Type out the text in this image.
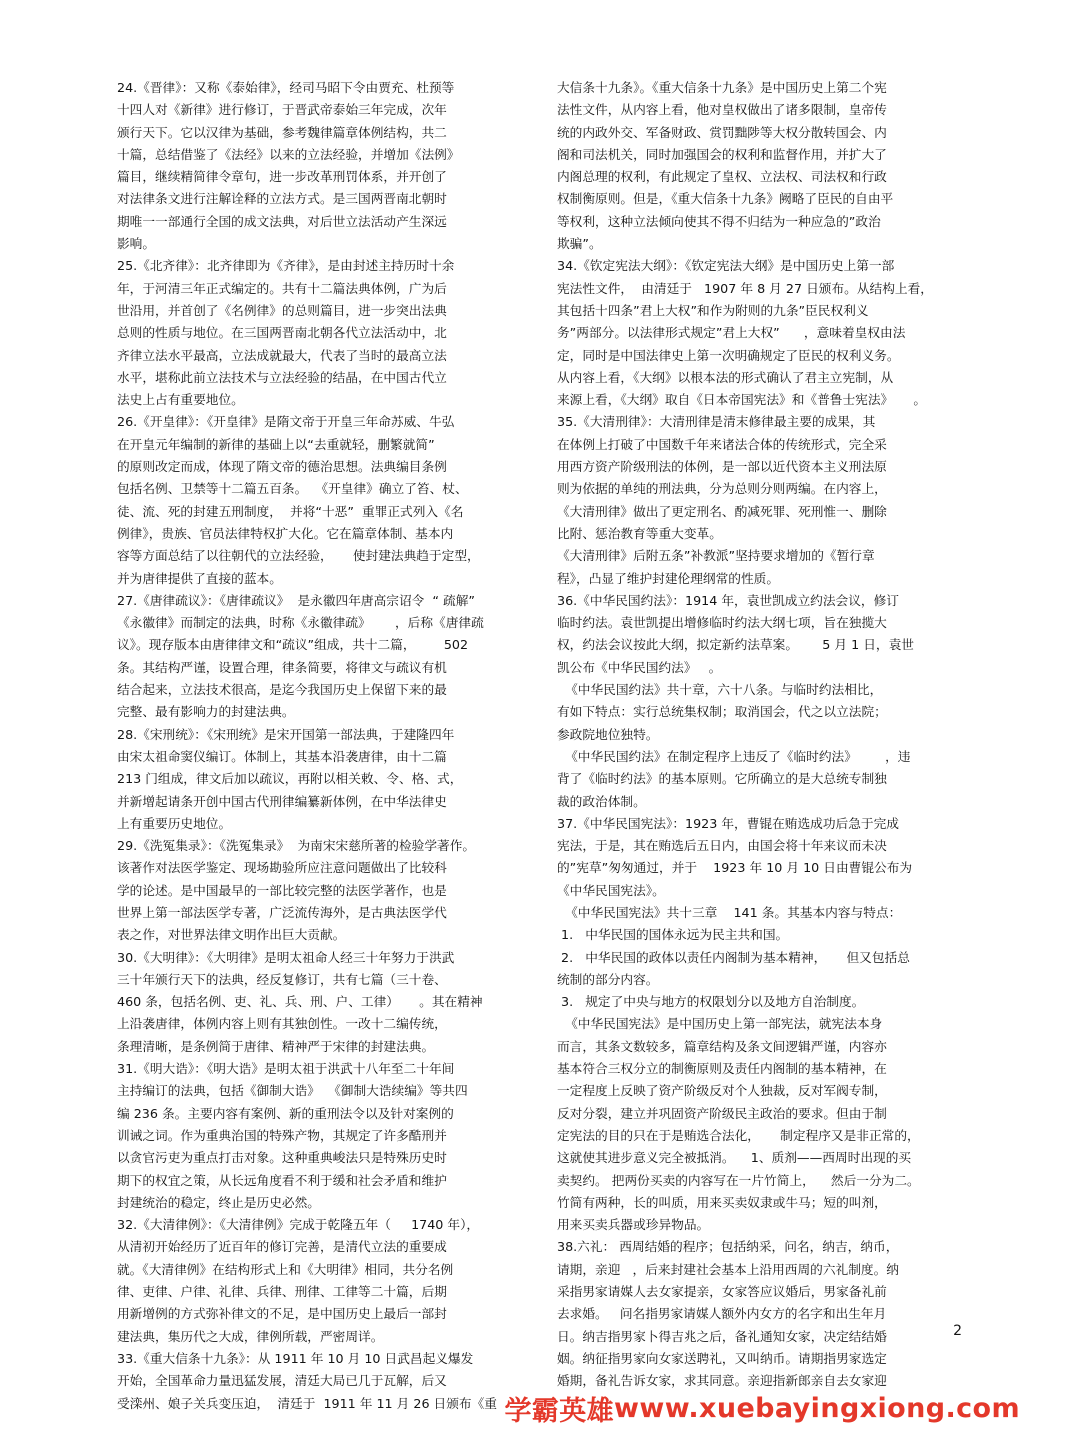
24.《晋律》：又称《泰始律》，经司马昭下令由贾充、杜预等
十四人对《新律》进行修订，于晋武帝泰始三年完成，次年
颁行天下。它以汉律为基础，参考魏律篇章体例结构，共二
十篇，总结借鉴了《法经》以来的立法经验，并增加《法例》
篇目，继续精简律令章句，进一步改革刑罚体系，并开创了
对法律条文进行注解诠释的立法方式。是三国两晋南北朝时
期唯一一部通行全国的成文法典，对后世立法活动产生深远
影响。
25.《北齐律》：北齐律即为《齐律》，是由封述主持历时十余
年，于河清三年正式编定的。共有十二篇法典体例，广为后
世沿用，并首创了《名例律》的总则篇目，进一步突出法典
总则的性质与地位。在三国两晋南北朝各代立法活动中，北
齐律立法水平最高，立法成就最大，代表了当时的最高立法
水平，堪称此前立法技术与立法经验的结晶，在中国古代立
法史上占有重要地位。
26.《开皇律》：《开皇律》是隋文帝于开皇三年命苏威、牛弘
在开皇元年编制的新律的基础上以“去重就轻，删繁就简”
的原则改定而成，体现了隋文帝的德治思想。法典编目条例
包括名例、卫禁等十二篇五百条。  《开皇律》确立了笞、杖、
徒、流、死的封建五刑制度，  并将“十恶”  重罪正式列入《名
例律》，贵族、官员法律特权扩大化。它在篇章体制、基本内
容等方面总结了以往朝代的立法经验，     使封建法典趋于定型，
并为唐律提供了直接的蓝本。
27.《唐律疏议》：《唐律疏议》  是永徽四年唐高宗诏令  “ 疏解”
《永徽律》而制定的法典，时称《永徽律疏》      ，后称《唐律疏
议》。现存版本由唐律律文和“疏议”组成，共十二篇，       502
条。其结构严谨，设置合理，律条简要，将律文与疏议有机
结合起来，立法技术很高，是迄今我国历史上保留下来的最
完整、最有影响力的封建法典。
28.《宋刑统》：《宋刑统》是宋开国第一部法典，于建隆四年
由宋太祖命窦仪编订。体制上，其基本沿袭唐律，由十二篇
213 门组成，律文后加以疏议，再附以相关敕、令、格、式，
并新增起请条开创中国古代刑律编纂新体例，在中华法律史
上有重要历史地位。
29.《洗冤集录》：《洗冤集录》  为南宋宋慈所著的检验学著作。
该著作对法医学鉴定、现场勘验所应注意问题做出了比较科
学的论述。是中国最早的一部比较完整的法医学著作，也是
世界上第一部法医学专著，广泛流传海外，是古典法医学代
表之作，对世界法律文明作出巨大贡献。
30.《大明律》：《大明律》是明太祖命人经三十年努力于洪武
三十年颁行天下的法典，经反复修订，共有七篇（三十卷、
460 条，包括名例、吏、礼、兵、刑、户、工律）     。其在精神
上沿袭唐律，体例内容上则有其独创性。一改十二编传统，
条理清晰，是条例简于唐律、精神严于宋律的封建法典。
31.《明大诰》：《明大诰》是明太祖于洪武十八年至二十年间
主持编订的法典，包括《御制大诰》  《御制大诰续编》等共四
编 236 条。主要内容有案例、新的重刑法令以及针对案例的
训诫之词。作为重典治国的特殊产物，其规定了许多酷刑并
以贪官污吏为重点打击对象。这种重典峻法只是特殊历史时
期下的权宜之策，从长远角度看不利于缓和社会矛盾和维护
封建统治的稳定，终止是历史必然。
32.《大清律例》：《大清律例》完成于乾隆五年（     1740 年），
从清初开始经历了近百年的修订完善，是清代立法的重要成
就。《大清律例》在结构形式上和《大明律》相同，共分名例
律、吏律、户律、礼律、兵律、刑律、工律等二十篇，后期
用新增例的方式弥补律文的不足，是中国历史上最后一部封
建法典，集历代之大成，律例所载，严密周详。
33.《重大信条十九条》：从 1911 年 10 月 10 日武昌起义爆发
开始，全国革命力量迅猛发展，清廷大局已几于瓦解，后又
受滦州、娘子关兵变压迫，  清廷于  1911 年 11 月 26 日颁布《重
大信条十九条》。《重大信条十九条》是中国历史上第二个宪
法性文件，从内容上看，他对皇权做出了诸多限制，皇帝传
统的内政外交、军备财政、赏罚黜陟等大权分散转国会、内
阁和司法机关，同时加强国会的权利和监督作用，并扩大了
内阁总理的权利，有此规定了皇权、立法权、司法权和行政
权制衡原则。但是，《重大信条十九条》阙略了臣民的自由平
等权利，这种立法倾向使其不得不归结为一种应急的”政治
欺骗”。
34.《钦定宪法大纲》：《钦定宪法大纲》是中国历史上第一部
宪法性文件，  由清廷于   1907 年 8 月 27 日颁布。从结构上看，
其包括十四条”君上大权”和作为附则的九条”臣民权利义
务”两部分。以法律形式规定”君上大权”      ，意味着皇权由法
定，同时是中国法律史上第一次明确规定了臣民的权利义务。
从内容上看，《大纲》以根本法的形式确认了君主立宪制，从
来源上看，《大纲》取自《日本帝国宪法》和《普鲁士宪法》     。
35.《大清刑律》：大清刑律是清末修律最主要的成果，其
在体例上打破了中国数千年来诸法合体的传统形式，完全采
用西方资产阶级刑法的体例，是一部以近代资本主义刑法原
则为依据的单纯的刑法典，分为总则分则两编。在内容上，
《大清刑律》做出了更定刑名、酌减死罪、死刑惟一、删除
比附、惩治教育等重大变革。
《大清刑律》后附五条”补教派”坚持要求增加的《暂行章
程》，凸显了维护封建伦理纲常的性质。
36.《中华民国约法》：1914 年，袁世凯成立约法会议，修订
临时约法。袁世凯提出增修临时约法大纲七项，旨在独揽大
权，约法会议按此大纲，拟定新约法草案。      5 月 1 日，袁世
凯公布《中华民国约法》   。
《中华民国约法》共十章，六十八条。与临时约法相比，
有如下特点：实行总统集权制；取消国会，代之以立法院；
参政院地位独特。
《中华民国约法》在制定程序上违反了《临时约法》       ，违
背了《临时约法》的基本原则。它所确立的是大总统专制独
裁的政治体制。
37.《中华民国宪法》：1923 年，曹锟在贿选成功后急于完成
宪法，于是，其在贿选后五日内，由国会将十年来议而未决
的”宪草”匆匆通过，并于    1923 年 10 月 10 日由曹锟公布为
《中华民国宪法》。
《中华民国宪法》共十三章    141 条。其基本内容与特点：
1.   中华民国的国体永远为民主共和国。
2.   中华民国的政体以责任内阁制为基本精神，     但又包括总
统制的部分内容。
3.   规定了中央与地方的权限划分以及地方自治制度。
《中华民国宪法》是中国历史上第一部宪法，就宪法本身
而言，其条文数较多，篇章结构及条文间逻辑严谨，内容亦
基本符合三权分立的制衡原则及责任内阁制的基本精神，在
一定程度上反映了资产阶级反对个人独裁，反对军阀专制，
反对分裂，建立并巩固资产阶级民主政治的要求。但由于制
定宪法的目的只在于是贿选合法化，     制定程序又是非正常的，
这就使其进步意义完全被抵消。    1、质剂——西周时出现的买
卖契约。 把两份买卖的内容写在一片竹简上，    然后一分为二。
竹简有两种，长的叫质，用来买卖奴隶或牛马；短的叫剂，
用来买卖兵器或珍异物品。
38.六礼： 西周结婚的程序；包括纳采，问名，纳吉，纳币，
请期，亲迎   ，后来封建社会基本上沿用西周的六礼制度。纳
采指男家请媒人去女家提亲，女家答应议婚后，男家备礼前
去求婚。   问名指男家请媒人额外内女方的名字和出生年月
日。纳吉指男家卜得吉兆之后，备礼通知女家，决定结结婚
姻。纳征指男家向女家送聘礼，又叫纳币。请期指男家选定
婚期，备礼告诉女家，求其同意。亲迎指新郎亲自去女家迎
2
学霸英雄 www.xuebayingxiong.com
